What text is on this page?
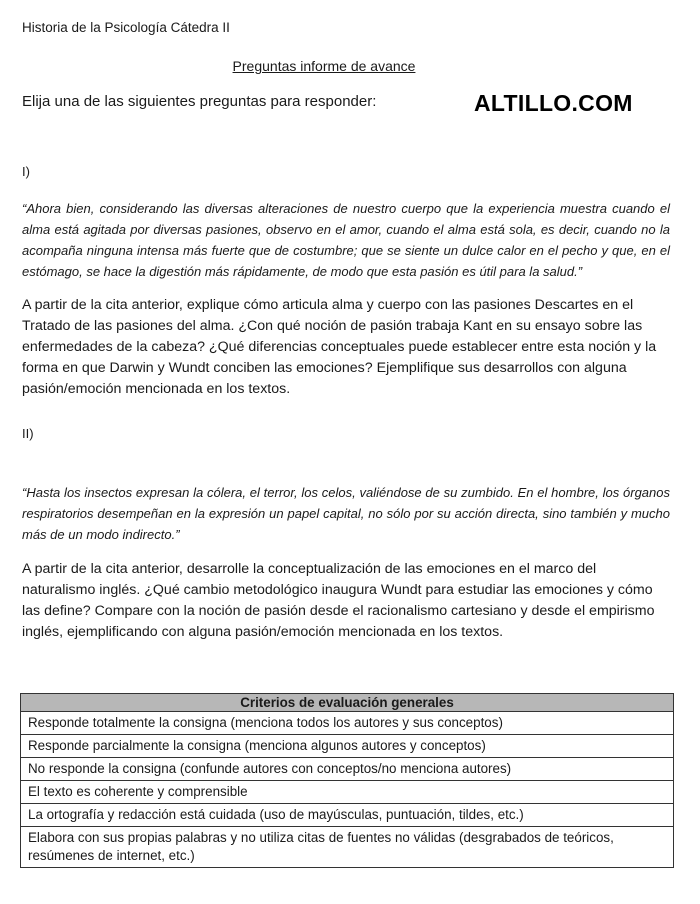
Historia de la Psicología Cátedra II
Preguntas informe de avance
Elija una de las siguientes preguntas para responder:	ALTILLO.COM
I)
“Ahora bien, considerando las diversas alteraciones de nuestro cuerpo que la experiencia muestra cuando el alma está agitada por diversas pasiones, observo en el amor, cuando el alma está sola, es decir, cuando no la acompaña ninguna intensa más fuerte que de costumbre; que se siente un dulce calor en el pecho y que, en el estómago, se hace la digestión más rápidamente, de modo que esta pasión es útil para la salud.”
A partir de la cita anterior, explique cómo articula alma y cuerpo con las pasiones Descartes en el Tratado de las pasiones del alma. ¿Con qué noción de pasión trabaja Kant en su ensayo sobre las enfermedades de la cabeza? ¿Qué diferencias conceptuales puede establecer entre esta noción y la forma en que Darwin y Wundt conciben las emociones? Ejemplifique sus desarrollos con alguna pasión/emoción mencionada en los textos.
II)
“Hasta los insectos expresan la cólera, el terror, los celos, valiéndose de su zumbido. En el hombre, los órganos respiratorios desempeñan en la expresión un papel capital, no sólo por su acción directa, sino también y mucho más de un modo indirecto.”
A partir de la cita anterior, desarrolle la conceptualización de las emociones en el marco del naturalismo inglés. ¿Qué cambio metodológico inaugura Wundt para estudiar las emociones y cómo las define? Compare con la noción de pasión desde el racionalismo cartesiano y desde el empirismo inglés, ejemplificando con alguna pasión/emoción mencionada en los textos.
Criterios de evaluación generales
Responde totalmente la consigna (menciona todos los autores y sus conceptos)
Responde parcialmente la consigna (menciona algunos autores y conceptos)
No responde la consigna (confunde autores con conceptos/no menciona autores)
El texto es coherente y comprensible
La ortografía y redacción está cuidada (uso de mayúsculas, puntuación, tildes, etc.)
Elabora con sus propias palabras y no utiliza citas de fuentes no válidas (desgrabados de teóricos, resúmenes de internet, etc.)
